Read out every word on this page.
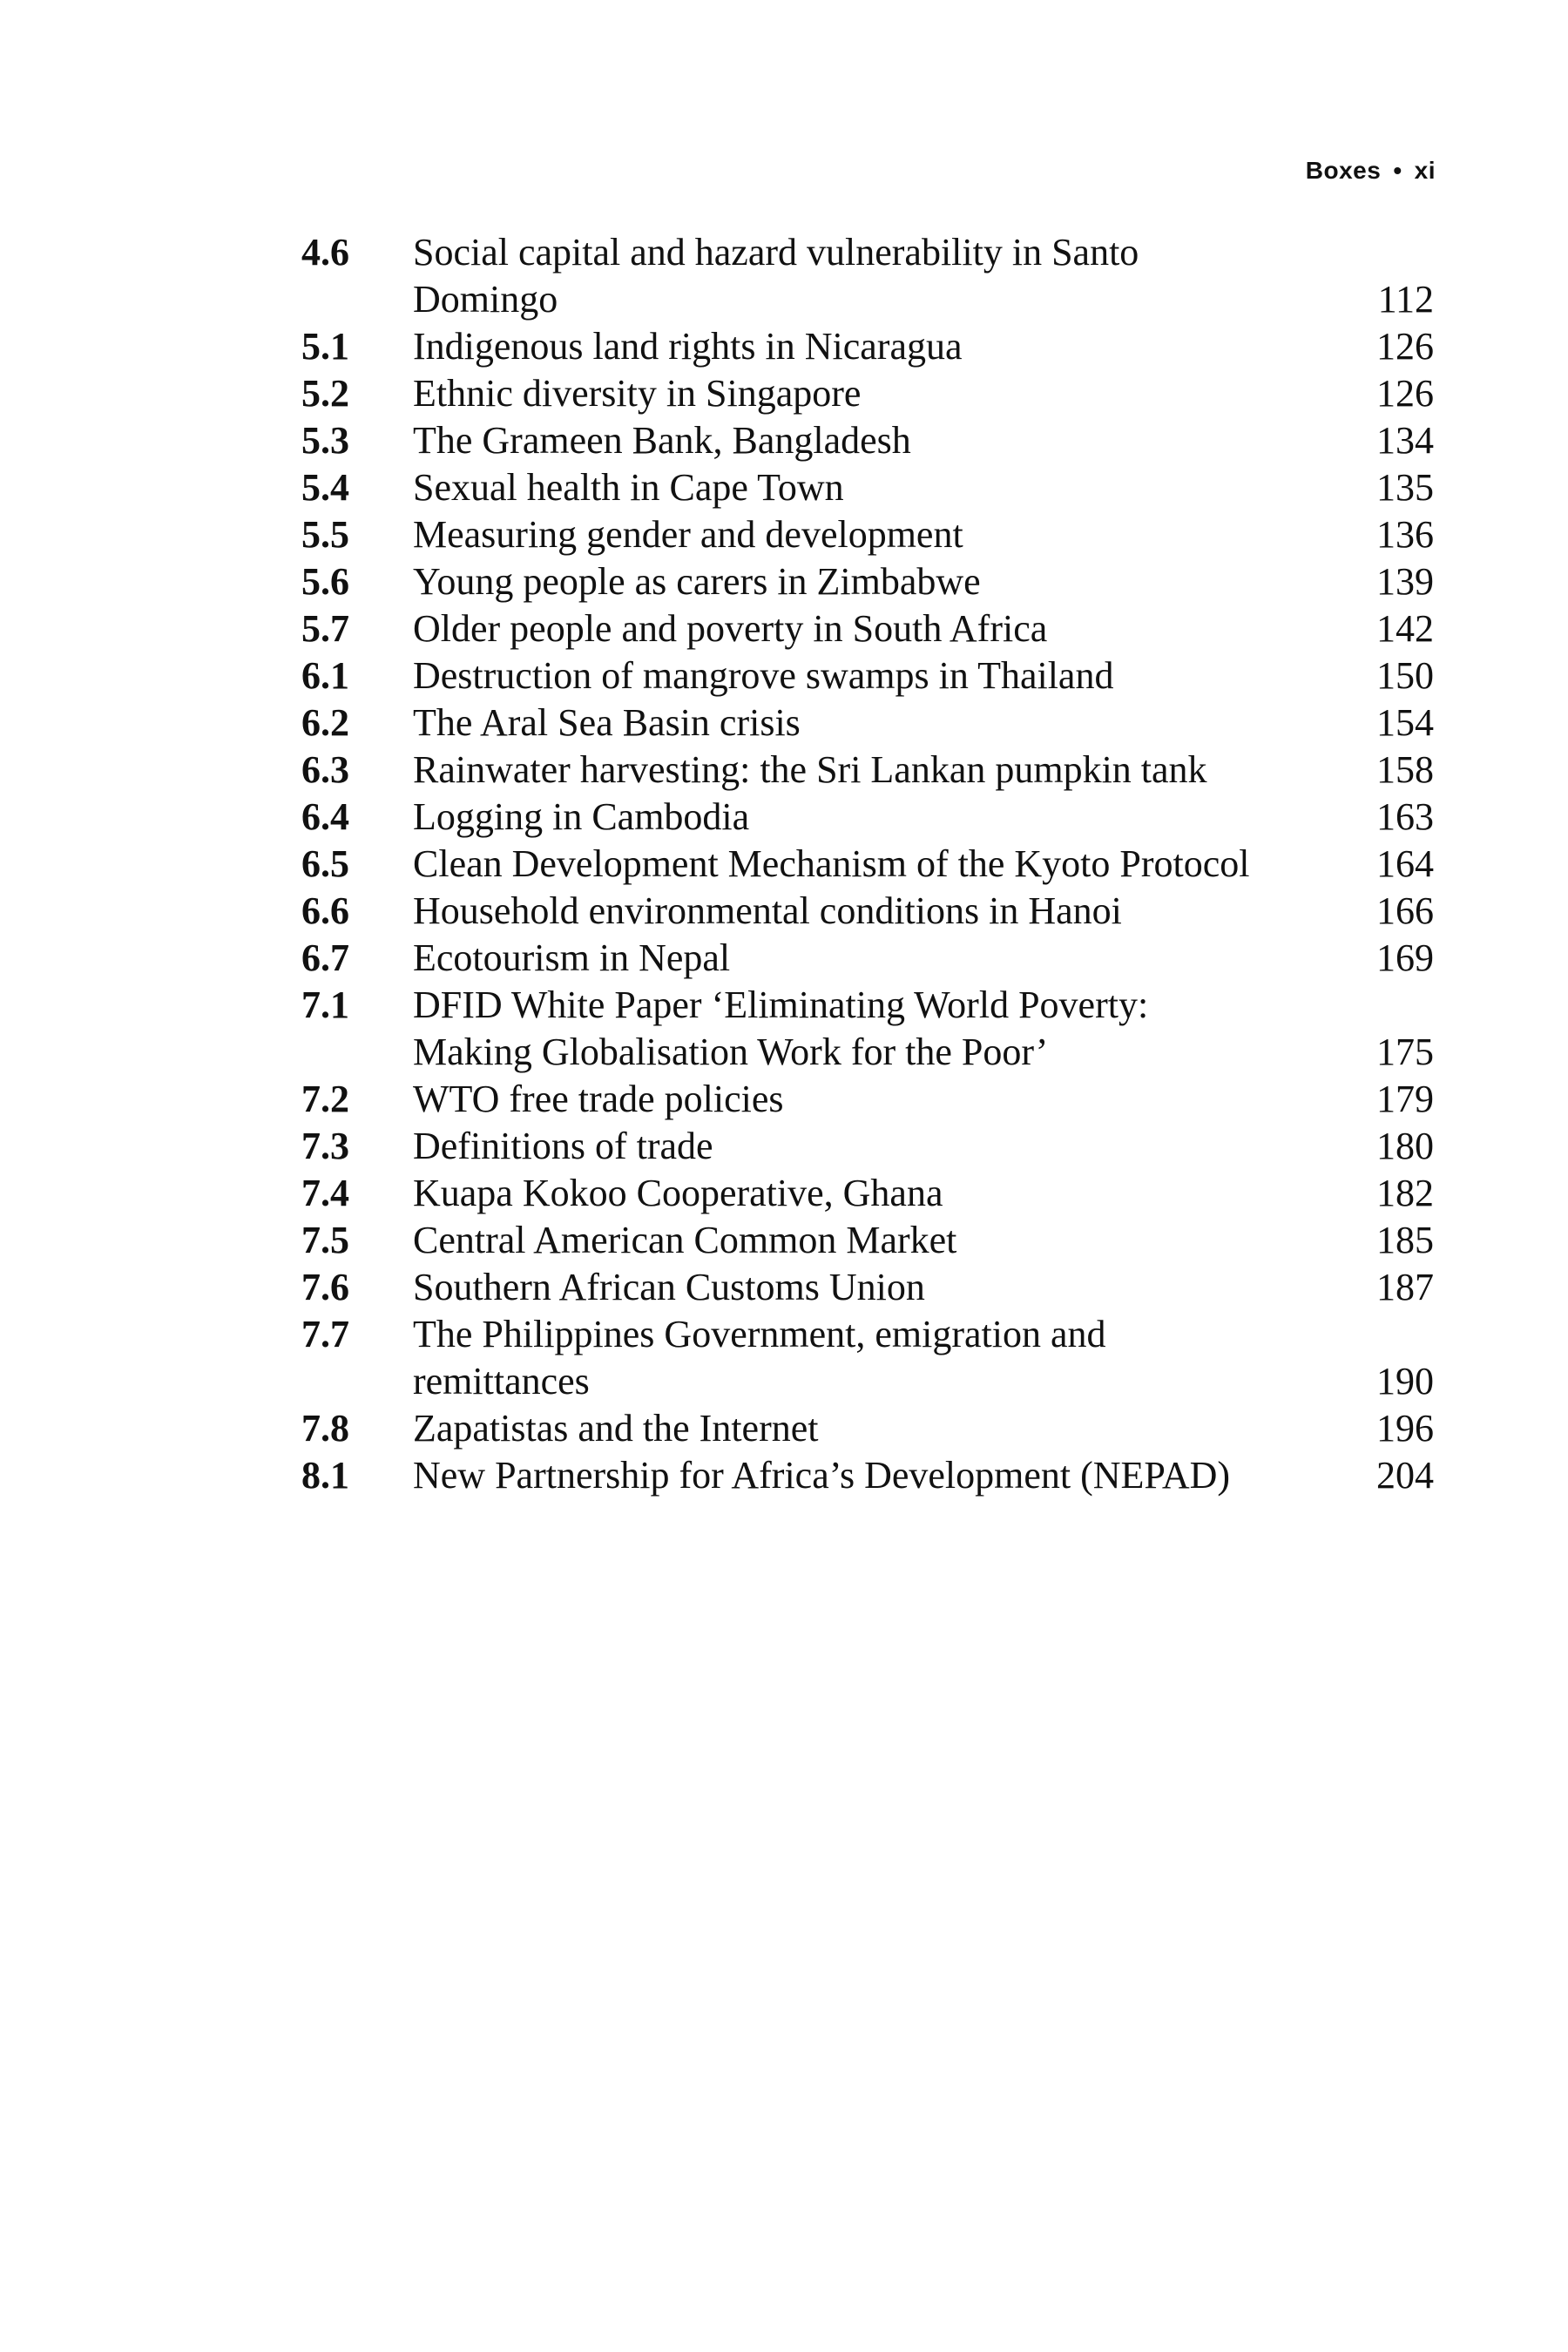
Boxes • xi
4.6	Social capital and hazard vulnerability in Santo
Domingo	112
5.1	Indigenous land rights in Nicaragua	126
5.2	Ethnic diversity in Singapore	126
5.3	The Grameen Bank, Bangladesh	134
5.4	Sexual health in Cape Town	135
5.5	Measuring gender and development	136
5.6	Young people as carers in Zimbabwe	139
5.7	Older people and poverty in South Africa	142
6.1	Destruction of mangrove swamps in Thailand	150
6.2	The Aral Sea Basin crisis	154
6.3	Rainwater harvesting: the Sri Lankan pumpkin tank	158
6.4	Logging in Cambodia	163
6.5	Clean Development Mechanism of the Kyoto Protocol	164
6.6	Household environmental conditions in Hanoi	166
6.7	Ecotourism in Nepal	169
7.1	DFID White Paper ‘Eliminating World Poverty:
Making Globalisation Work for the Poor’	175
7.2	WTO free trade policies	179
7.3	Definitions of trade	180
7.4	Kuapa Kokoo Cooperative, Ghana	182
7.5	Central American Common Market	185
7.6	Southern African Customs Union	187
7.7	The Philippines Government, emigration and
remittances	190
7.8	Zapatistas and the Internet	196
8.1	New Partnership for Africa’s Development (NEPAD)	204
